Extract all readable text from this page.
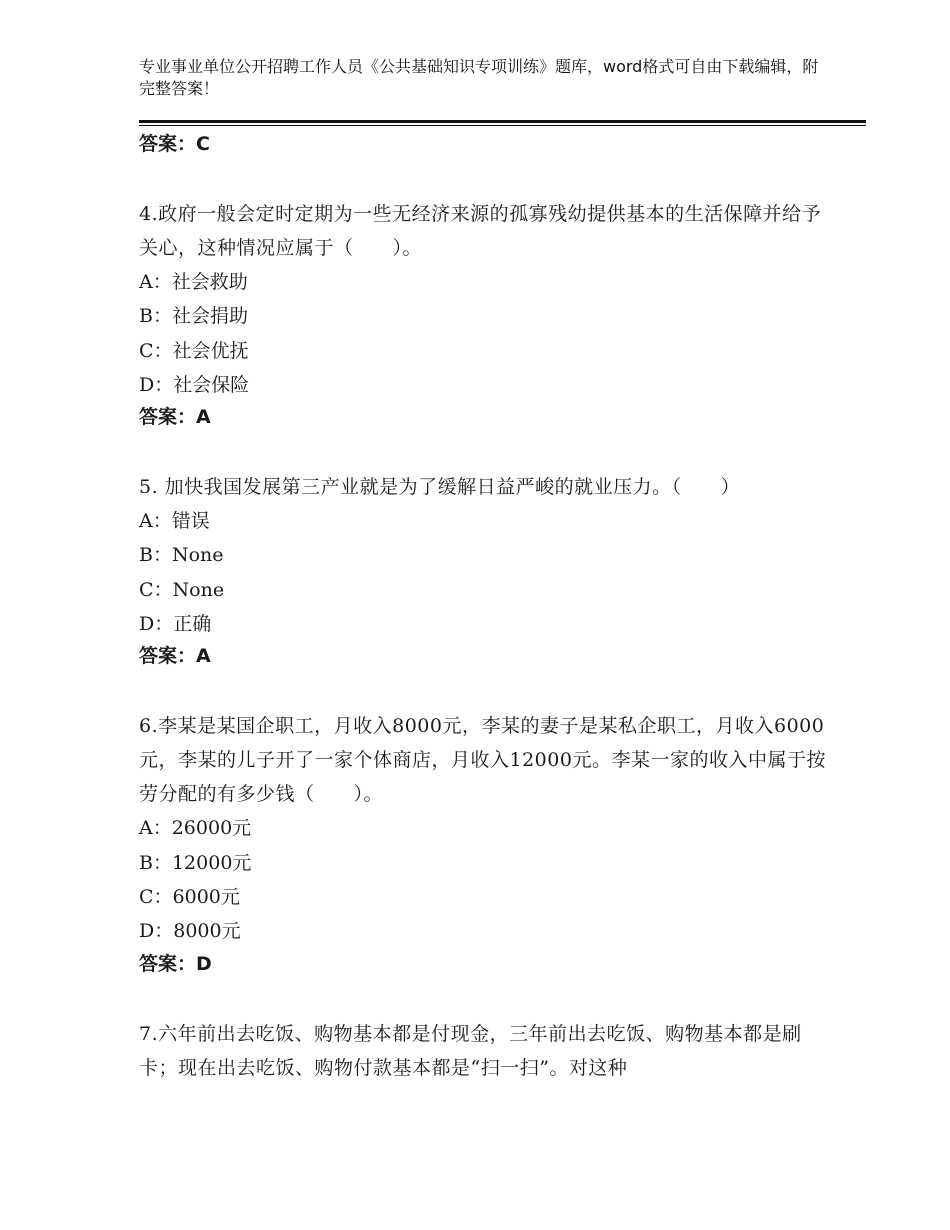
专业事业单位公开招聘工作人员《公共基础知识专项训练》题库，word格式可自由下载编辑，附完整答案！

答案：C

4.政府一般会定时定期为一些无经济来源的孤寡残幼提供基本的生活保障并给予关心，这种情况应属于（　　）。

A：社会救助

B：社会捐助

C：社会优抚

D：社会保险

答案：A

5. 加快我国发展第三产业就是为了缓解日益严峻的就业压力。（　　）

A：错误

B：None

C：None

D：正确

答案：A

6.李某是某国企职工，月收入8000元，李某的妻子是某私企职工，月收入6000元，李某的儿子开了一家个体商店，月收入12000元。李某一家的收入中属于按劳分配的有多少钱（　　）。

A：26000元

B：12000元

C：6000元

D：8000元

答案：D

7.六年前出去吃饭、购物基本都是付现金，三年前出去吃饭、购物基本都是刷卡；现在出去吃饭、购物付款基本都是“扫一扫”。对这种
